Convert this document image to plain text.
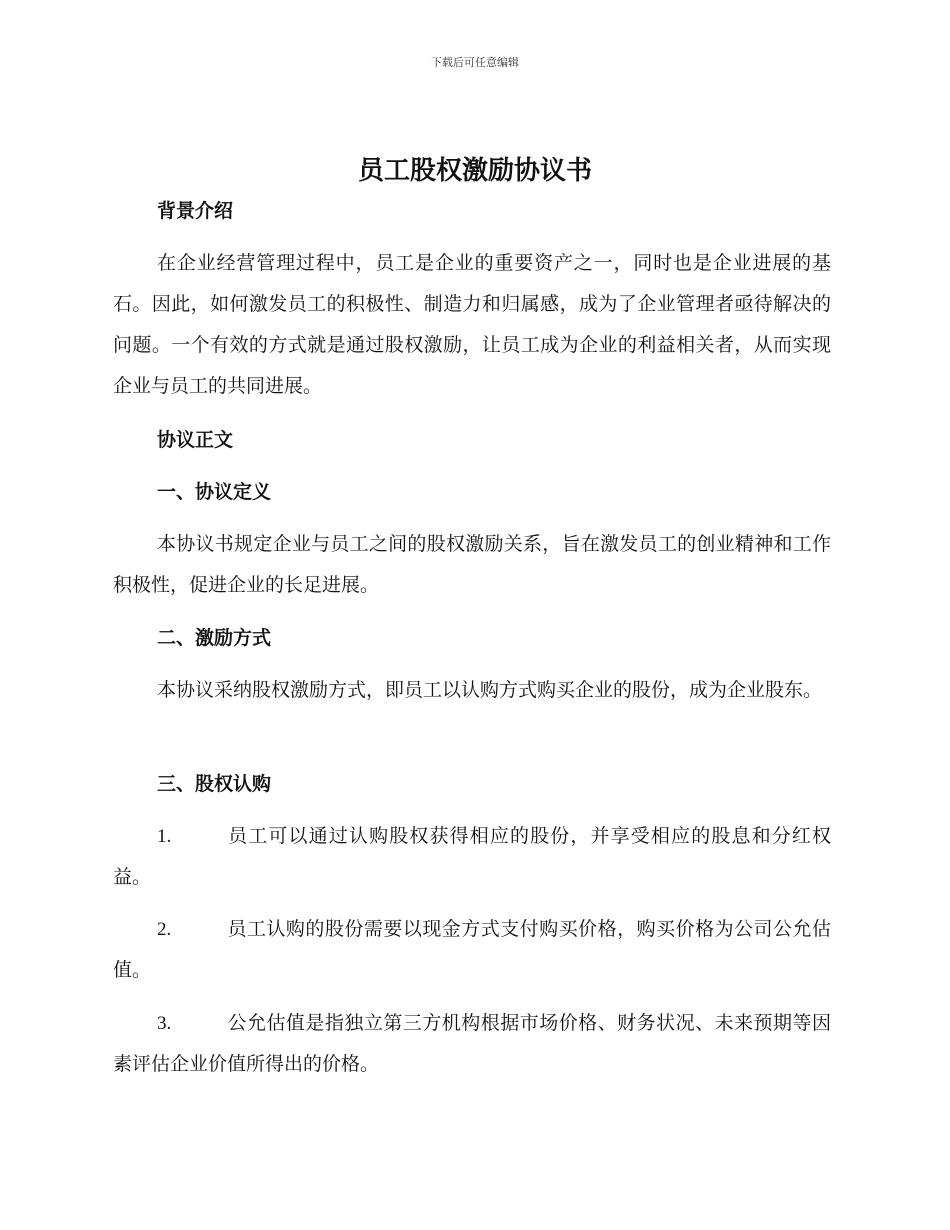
下载后可任意编辑
员工股权激励协议书
背景介绍

在企业经营管理过程中，员工是企业的重要资产之一，同时也是企业进展的基石。因此，如何激发员工的积极性、制造力和归属感，成为了企业管理者亟待解决的问题。一个有效的方式就是通过股权激励，让员工成为企业的利益相关者，从而实现企业与员工的共同进展。

协议正文
一、协议定义

本协议书规定企业与员工之间的股权激励关系，旨在激发员工的创业精神和工作积极性，促进企业的长足进展。

二、激励方式

本协议采纳股权激励方式，即员工以认购方式购买企业的股份，成为企业股东。

三、股权认购
1.	员工可以通过认购股权获得相应的股份，并享受相应的股息和分红权益。
2.	员工认购的股份需要以现金方式支付购买价格，购买价格为公司公允估值。
3.	公允估值是指独立第三方机构根据市场价格、财务状况、未来预期等因素评估企业价值所得出的价格。
